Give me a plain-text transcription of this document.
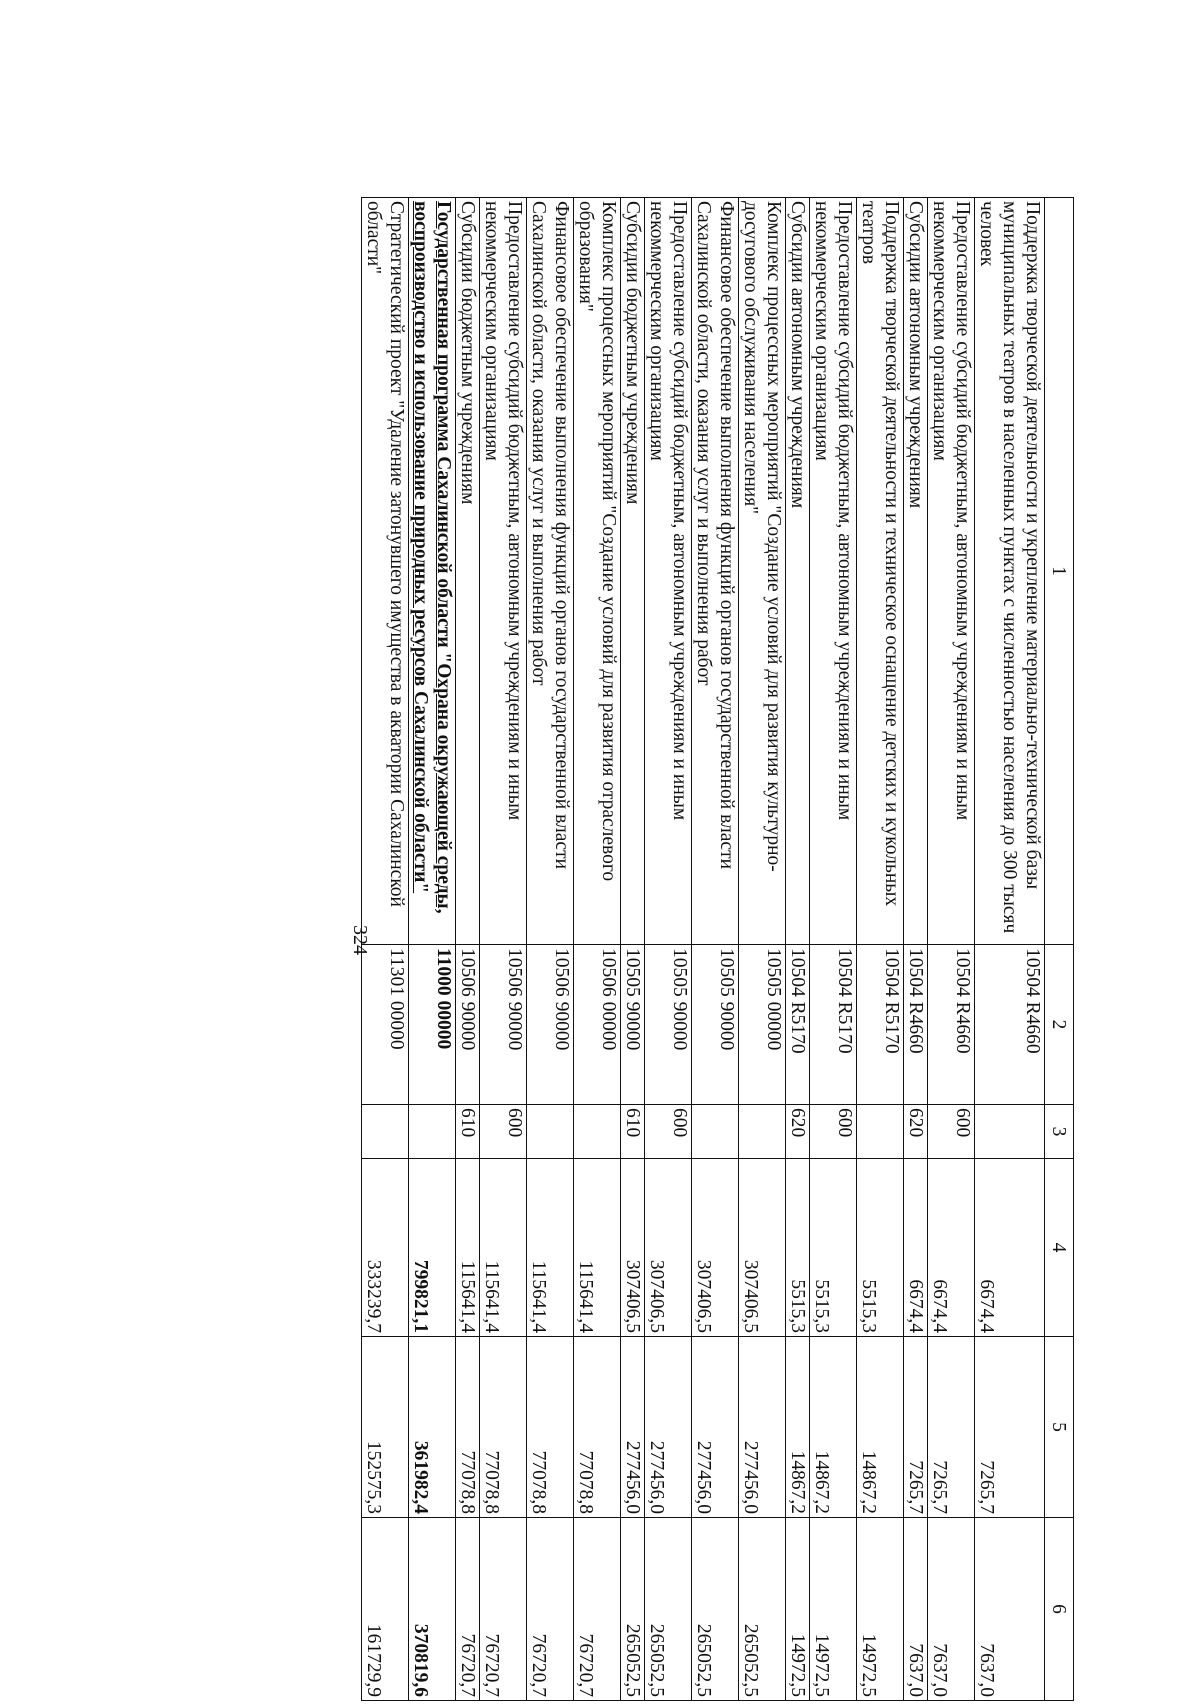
324
1	2	3	4	5	6
Поддержка творческой деятельности и укрепление материально-технической базы муниципальных театров в населенных пунктах с численностью населения до 300 тысяч человек	10504 R4660		6674,4	7265,7	7637,0
Предоставление субсидий бюджетным, автономным учреждениям и иным некоммерческим организациям	10504 R4660	600	6674,4	7265,7	7637,0
Субсидии автономным учреждениям	10504 R4660	620	6674,4	7265,7	7637,0
Поддержка творческой деятельности и техническое оснащение детских и кукольных театров	10504 R5170		5515,3	14867,2	14972,5
Предоставление субсидий бюджетным, автономным учреждениям и иным некоммерческим организациям	10504 R5170	600	5515,3	14867,2	14972,5
Субсидии автономным учреждениям	10504 R5170	620	5515,3	14867,2	14972,5
Комплекс процессных мероприятий "Создание условий для развития культурно-досугового обслуживания населения"	10505 00000		307406,5	277456,0	265052,5
Финансовое обеспечение выполнения функций органов государственной власти Сахалинской области, оказания услуг и выполнения работ	10505 90000		307406,5	277456,0	265052,5
Предоставление субсидий бюджетным, автономным учреждениям и иным некоммерческим организациям	10505 90000	600	307406,5	277456,0	265052,5
Субсидии бюджетным учреждениям	10505 90000	610	307406,5	277456,0	265052,5
Комплекс процессных мероприятий "Создание условий для развития отраслевого образования"	10506 00000		115641,4	77078,8	76720,7
Финансовое обеспечение выполнения функций органов государственной власти Сахалинской области, оказания услуг и выполнения работ	10506 90000		115641,4	77078,8	76720,7
Предоставление субсидий бюджетным, автономным учреждениям и иным некоммерческим организациям	10506 90000	600	115641,4	77078,8	76720,7
Субсидии бюджетным учреждениям	10506 90000	610	115641,4	77078,8	76720,7
Государственная программа Сахалинской области "Охрана окружающей среды, воспроизводство и использование природных ресурсов Сахалинской области"	11000 00000		799821,1	361982,4	370819,6
Стратегический проект "Удаление затонувшего имущества в акватории Сахалинской области"	11301 00000		333239,7	152575,3	161729,9
